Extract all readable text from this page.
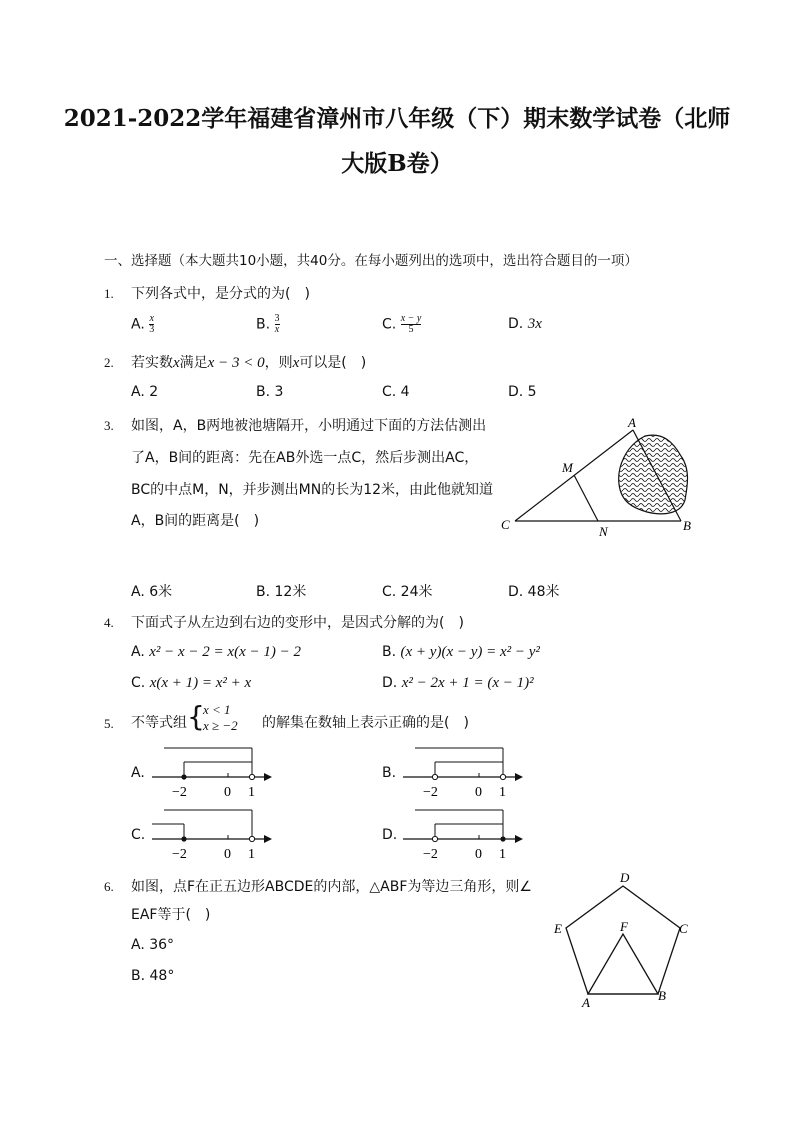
2021-2022学年福建省漳州市八年级（下）期末数学试卷（北师
大版B卷）
一、选择题（本大题共10小题，共40分。在每小题列出的选项中，选出符合题目的一项）
1. 下列各式中，是分式的为(　)
A. $\frac{x}{3}$	B. $\frac{3}{x}$	C. $\frac{x - y}{5}$	D. 3x
2. 若实数x满足x − 3 < 0，则x可以是(　)
A. 2	B. 3	C. 4	D. 5
3. 如图，A，B两地被池塘隔开，小明通过下面的方法估测出
了A，B间的距离：先在AB外选一点C，然后步测出AC，
BC的中点M，N，并步测出MN的长为12米，由此他就知道
A，B间的距离是(　)
A
B
C
M
N
A. 6米	B. 12米	C. 24米	D. 48米
4. 下面式子从左边到右边的变形中，是因式分解的为(　)
A. x² − x − 2 = x(x − 1) − 2	B. (x + y)(x − y) = x² − y²
C. x(x + 1) = x² + x	D. x² − 2x + 1 = (x − 1)²
5. 不等式组 {
x < 1
x ≥ −2 的解集在数轴上表示正确的是(　)
A.
−2	0 1
B.
−2	0 1
C.
−2	0 1
D.
−2	0 1
6. 如图，点F在正五边形ABCDE的内部，△ABF为等边三角形，则∠
EAF等于(　)
A. 36°
B. 48°
D
E	C
F
A	B
